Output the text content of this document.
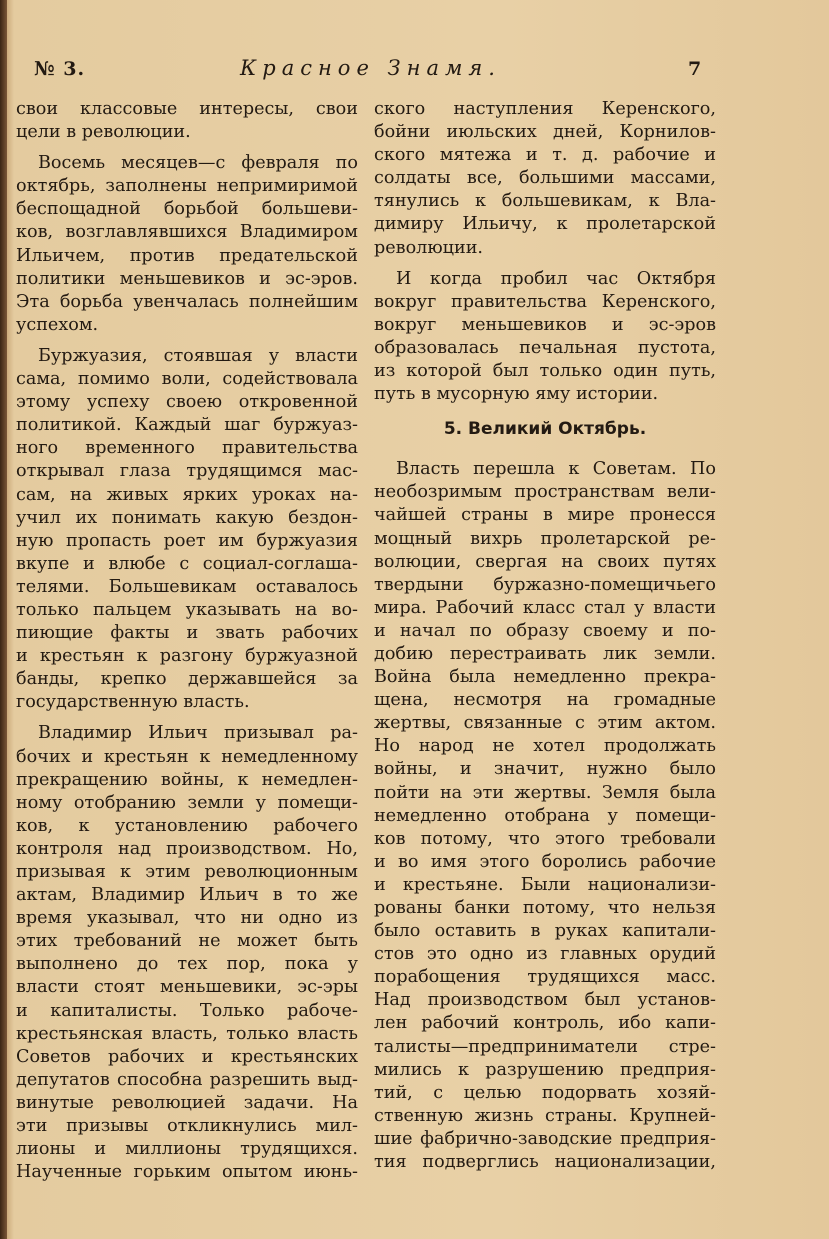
№ 3.	Красное Знамя.	7
свои классовые интересы, свои
цели в революции.
Восемь месяцев—с февраля по
октябрь, заполнены непримиримой
беспощадной борьбой большеви-
ков, возглавлявшихся Владимиром
Ильичем, против предательской
политики меньшевиков и эс-эров.
Эта борьба увенчалась полнейшим
успехом.
Буржуазия, стоявшая у власти
сама, помимо воли, содействовала
этому успеху своею откровенной
политикой. Каждый шаг буржуаз-
ного временного правительства
открывал глаза трудящимся мас-
сам, на живых ярких уроках на-
учил их понимать какую бездон-
ную пропасть роет им буржуазия
вкупе и влюбе с социал-соглаша-
телями. Большевикам оставалось
только пальцем указывать на во-
пиющие факты и звать рабочих
и крестьян к разгону буржуазной
банды, крепко державшейся за
государственную власть.
Владимир Ильич призывал ра-
бочих и крестьян к немедленному
прекращению войны, к немедлен-
ному отобранию земли у помещи-
ков, к установлению рабочего
контроля над производством. Но,
призывая к этим революционным
актам, Владимир Ильич в то же
время указывал, что ни одно из
этих требований не может быть
выполнено до тех пор, пока у
власти стоят меньшевики, эс-эры
и капиталисты. Только рабоче-
крестьянская власть, только власть
Советов рабочих и крестьянских
депутатов способна разрешить выд-
винутые революцией задачи. На
эти призывы откликнулись мил-
лионы и миллионы трудящихся.
Наученные горьким опытом июнь-
ского наступления Керенского,
бойни июльских дней, Корнилов-
ского мятежа и т. д. рабочие и
солдаты все, большими массами,
тянулись к большевикам, к Вла-
димиру Ильичу, к пролетарской
революции.
И когда пробил час Октября
вокруг правительства Керенского,
вокруг меньшевиков и эс-эров
образовалась печальная пустота,
из которой был только один путь,
путь в мусорную яму истории.
5. Великий Октябрь.
Власть перешла к Советам. По
необозримым пространствам вели-
чайшей страны в мире пронесся
мощный вихрь пролетарской ре-
волюции, свергая на своих путях
твердыни буржазно-помещичьего
мира. Рабочий класс стал у власти
и начал по образу своему и по-
добию перестраивать лик земли.
Война была немедленно прекра-
щена, несмотря на громадные
жертвы, связанные с этим актом.
Но народ не хотел продолжать
войны, и значит, нужно было
пойти на эти жертвы. Земля была
немедленно отобрана у помещи-
ков потому, что этого требовали
и во имя этого боролись рабочие
и крестьяне. Были национализи-
рованы банки потому, что нельзя
было оставить в руках капитали-
стов это одно из главных орудий
порабощения трудящихся масс.
Над производством был установ-
лен рабочий контроль, ибо капи-
талисты—предприниматели стре-
мились к разрушению предприя-
тий, с целью подорвать хозяй-
ственную жизнь страны. Крупней-
шие фабрично-заводские предприя-
тия подверглись национализации,
